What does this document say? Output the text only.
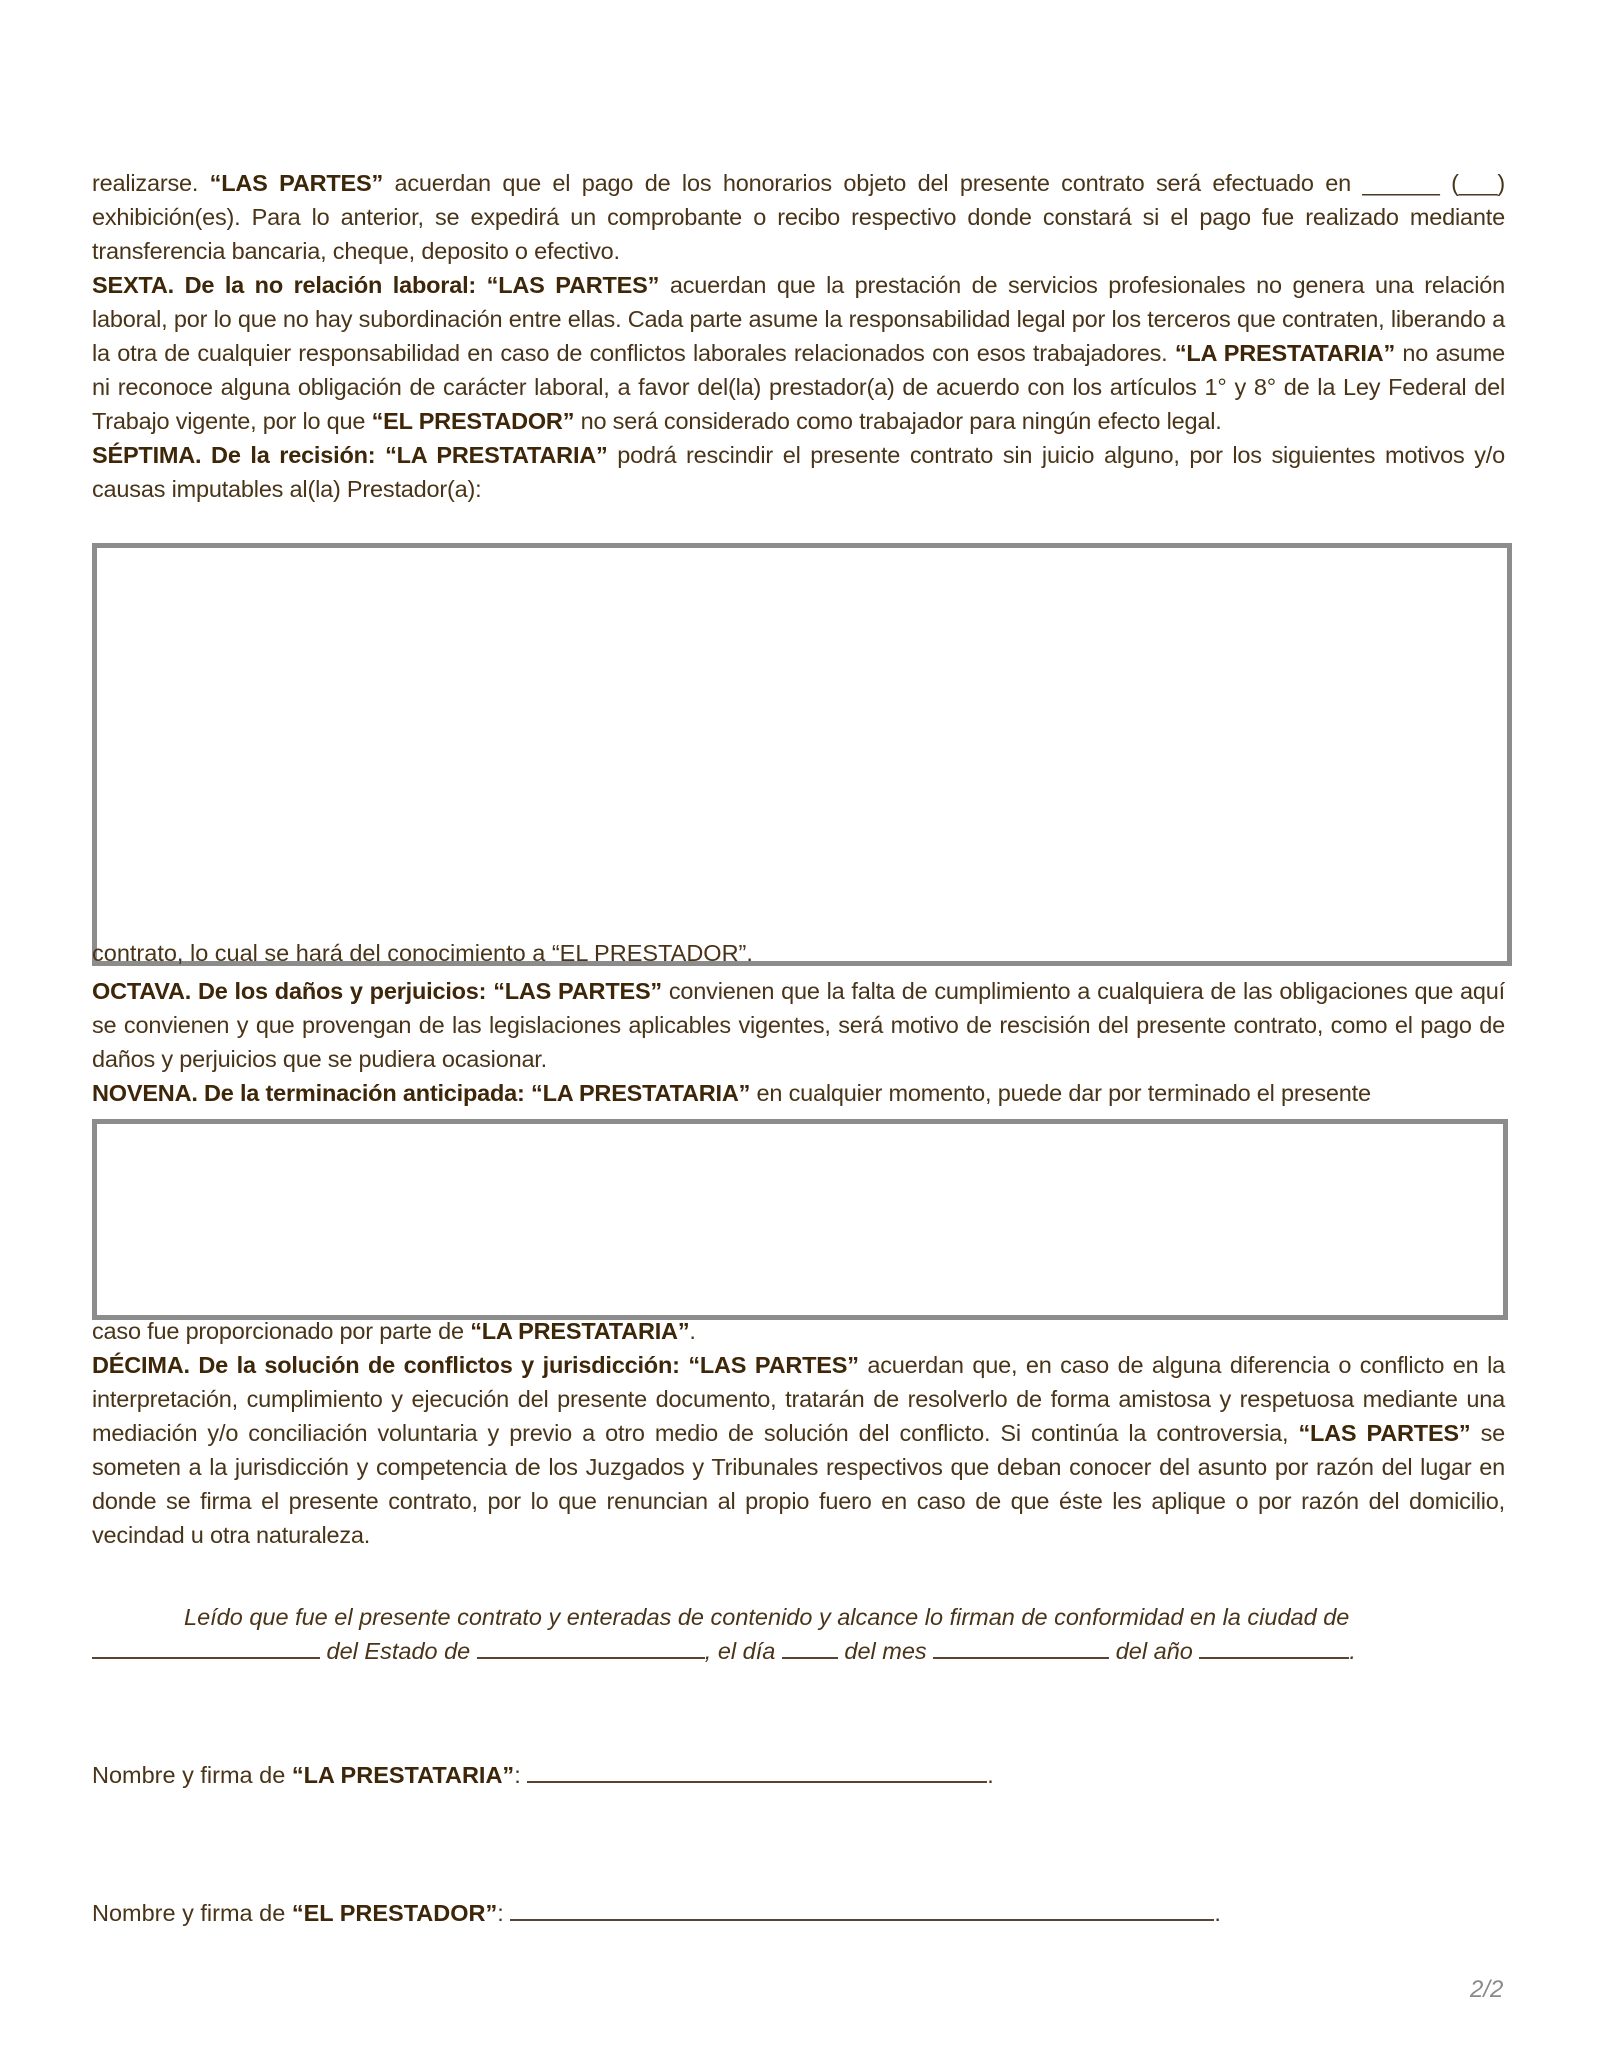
realizarse. “LAS PARTES” acuerdan que el pago de los honorarios objeto del presente contrato será efectuado en ______ (___) exhibición(es). Para lo anterior, se expedirá un comprobante o recibo respectivo donde constará si el pago fue realizado mediante transferencia bancaria, cheque, deposito o efectivo.

SEXTA. De la no relación laboral: “LAS PARTES” acuerdan que la prestación de servicios profesionales no genera una relación laboral, por lo que no hay subordinación entre ellas. Cada parte asume la responsabilidad legal por los terceros que contraten, liberando a la otra de cualquier responsabilidad en caso de conflictos laborales relacionados con esos trabajadores. “LA PRESTATARIA” no asume ni reconoce alguna obligación de carácter laboral, a favor del(la) prestador(a) de acuerdo con los artículos 1° y 8° de la Ley Federal del Trabajo vigente, por lo que “EL PRESTADOR” no será considerado como trabajador para ningún efecto legal.

SÉPTIMA. De la recisión: “LA PRESTATARIA” podrá rescindir el presente contrato sin juicio alguno, por los siguientes motivos y/o causas imputables al(la) Prestador(a):

contrato, lo cual se hará del conocimiento a “EL PRESTADOR”.

OCTAVA. De los daños y perjuicios: “LAS PARTES” convienen que la falta de cumplimiento a cualquiera de las obligaciones que aquí se convienen y que provengan de las legislaciones aplicables vigentes, será motivo de rescisión del presente contrato, como el pago de daños y perjuicios que se pudiera ocasionar.

NOVENA. De la terminación anticipada: “LA PRESTATARIA” en cualquier momento, puede dar por terminado el presente

caso fue proporcionado por parte de “LA PRESTATARIA”.

DÉCIMA. De la solución de conflictos y jurisdicción: “LAS PARTES” acuerdan que, en caso de alguna diferencia o conflicto en la interpretación, cumplimiento y ejecución del presente documento, tratarán de resolverlo de forma amistosa y respetuosa mediante una mediación y/o conciliación voluntaria y previo a otro medio de solución del conflicto. Si continúa la controversia, “LAS PARTES” se someten a la jurisdicción y competencia de los Juzgados y Tribunales respectivos que deban conocer del asunto por razón del lugar en donde se firma el presente contrato, por lo que renuncian al propio fuero en caso de que éste les aplique o por razón del domicilio, vecindad u otra naturaleza.

Leído que fue el presente contrato y enteradas de contenido y alcance lo firman de conformidad en la ciudad de
del Estado de	, el día  del mes	del año	.
Nombre y firma de “LA PRESTATARIA”:	.
Nombre y firma de “EL PRESTADOR”:	.
2/2
